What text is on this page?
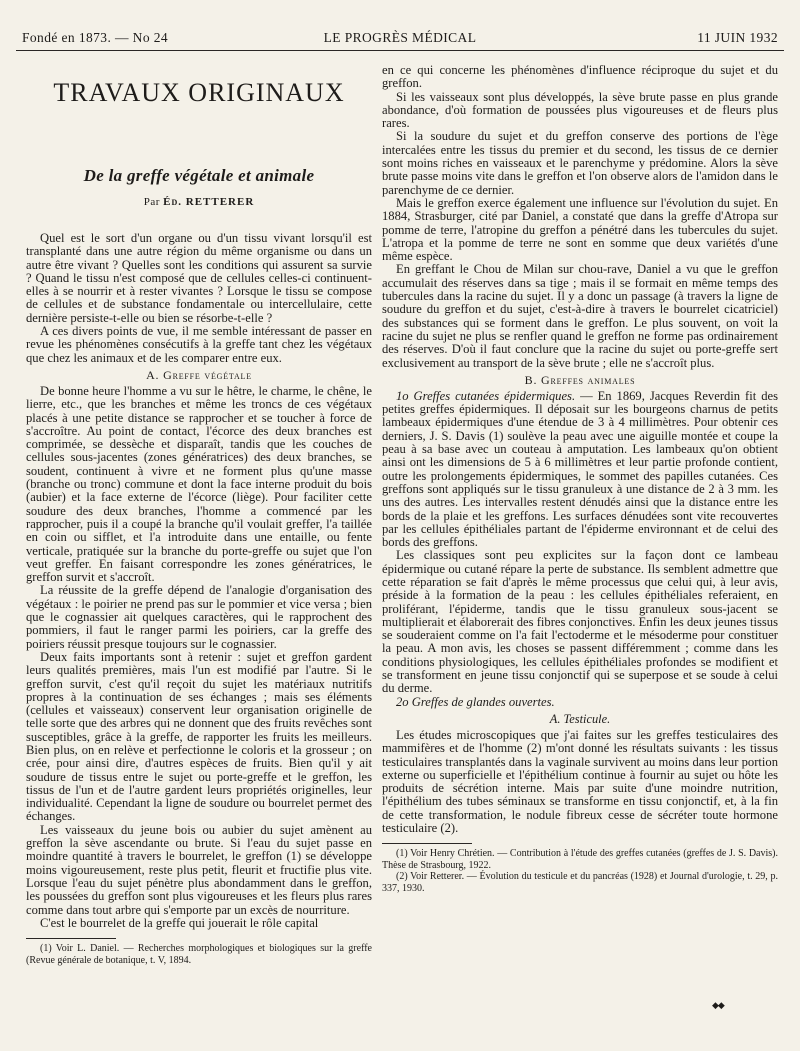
Fondé en 1873. — No 24	LE PROGRÈS MÉDICAL	11 JUIN 1932
TRAVAUX ORIGINAUX
De la greffe végétale et animale
Par Éd. RETTERER

Quel est le sort d'un organe ou d'un tissu vivant lorsqu'il est transplanté dans une autre région du même organisme ou dans un autre être vivant ? Quelles sont les conditions qui assurent sa survie ? Quand le tissu n'est composé que de cellules celles-ci continuent-elles à se nourrir et à rester vivantes ? Lorsque le tissu se compose de cellules et de substance fondamentale ou intercellulaire, cette dernière persiste-t-elle ou bien se résorbe-t-elle ?

A ces divers points de vue, il me semble intéressant de passer en revue les phénomènes consécutifs à la greffe tant chez les végétaux que chez les animaux et de les comparer entre eux.

A. Greffe végétale

De bonne heure l'homme a vu sur le hêtre, le charme, le chêne, le lierre, etc., que les branches et même les troncs de ces végétaux placés à une petite distance se rapprocher et se toucher à force de s'accroître. Au point de contact, l'écorce des deux branches est comprimée, se dessèche et disparaît, tandis que les couches de cellules sous-jacentes (zones génératrices) des deux branches, se soudent, continuent à vivre et ne forment plus qu'une masse (branche ou tronc) commune et dont la face interne produit du bois (aubier) et la face externe de l'écorce (liège). Pour faciliter cette soudure des deux branches, l'homme a commencé par les rapprocher, puis il a coupé la branche qu'il voulait greffer, l'a taillée en coin ou sifflet, et l'a introduite dans une entaille, ou fente verticale, pratiquée sur la branche du porte-greffe ou sujet que l'on veut greffer. En faisant correspondre les zones génératrices, le greffon survit et s'accroît.

La réussite de la greffe dépend de l'analogie d'organisation des végétaux : le poirier ne prend pas sur le pommier et vice versa ; bien que le cognassier ait quelques caractères, qui le rapprochent des pommiers, il faut le ranger parmi les poiriers, car la greffe des poiriers réussit presque toujours sur le cognassier.

Deux faits importants sont à retenir : sujet et greffon gardent leurs qualités premières, mais l'un est modifié par l'autre. Si le greffon survit, c'est qu'il reçoit du sujet les matériaux nutritifs propres à la continuation de ses échanges ; mais ses éléments (cellules et vaisseaux) conservent leur organisation originelle de telle sorte que des arbres qui ne donnent que des fruits revêches sont susceptibles, grâce à la greffe, de rapporter les fruits les meilleurs. Bien plus, on en relève et perfectionne le coloris et la grosseur ; on crée, pour ainsi dire, d'autres espèces de fruits. Bien qu'il y ait soudure de tissus entre le sujet ou porte-greffe et le greffon, les tissus de l'un et de l'autre gardent leurs propriétés originelles, leur individualité. Cependant la ligne de soudure ou bourrelet permet des échanges.

Les vaisseaux du jeune bois ou aubier du sujet amènent au greffon la sève ascendante ou brute. Si l'eau du sujet passe en moindre quantité à travers le bourrelet, le greffon (1) se développe moins vigoureusement, reste plus petit, fleurit et fructifie plus vite. Lorsque l'eau du sujet pénètre plus abondamment dans le greffon, les poussées du greffon sont plus vigoureuses et les fleurs plus rares comme dans tout arbre qui s'emporte par un excès de nourriture.

C'est le bourrelet de la greffe qui jouerait le rôle capital

(1) Voir L. Daniel. — Recherches morphologiques et biologiques sur la greffe (Revue générale de botanique, t. V, 1894.

en ce qui concerne les phénomènes d'influence réciproque du sujet et du greffon.

Si les vaisseaux sont plus développés, la sève brute passe en plus grande abondance, d'où formation de poussées plus vigoureuses et de fleurs plus rares.

Si la soudure du sujet et du greffon conserve des portions de l'ège intercalées entre les tissus du premier et du second, les tissus de ce dernier sont moins riches en vaisseaux et le parenchyme y prédomine. Alors la sève brute passe moins vite dans le greffon et l'on observe alors de l'amidon dans le parenchyme de ce dernier.

Mais le greffon exerce également une influence sur l'évolution du sujet. En 1884, Strasburger, cité par Daniel, a constaté que dans la greffe d'Atropa sur pomme de terre, l'atropine du greffon a pénétré dans les tubercules du sujet. L'atropa et la pomme de terre ne sont en somme que deux variétés d'une même espèce.

En greffant le Chou de Milan sur chou-rave, Daniel a vu que le greffon accumulait des réserves dans sa tige ; mais il se formait en même temps des tubercules dans la racine du sujet. Il y a donc un passage (à travers la ligne de soudure du greffon et du sujet, c'est-à-dire à travers le bourrelet cicatriciel) des substances qui se forment dans le greffon. Le plus souvent, on voit la racine du sujet ne plus se renfler quand le greffon ne forme pas ordinairement des réserves. D'où il faut conclure que la racine du sujet ou porte-greffe sert exclusivement au transport de la sève brute ; elle ne s'accroît plus.

B. Greffes animales

1o Greffes cutanées épidermiques. — En 1869, Jacques Reverdin fit des petites greffes épidermiques. Il déposait sur les bourgeons charnus de petits lambeaux épidermiques d'une étendue de 3 à 4 millimètres. Pour obtenir ces derniers, J. S. Davis (1) soulève la peau avec une aiguille montée et coupe la peau à sa base avec un couteau à amputation. Les lambeaux qu'on obtient ainsi ont les dimensions de 5 à 6 millimètres et leur partie profonde contient, outre les prolongements épidermiques, le sommet des papilles cutanées. Ces greffons sont appliqués sur le tissu granuleux à une distance de 2 à 3 mm. les uns des autres. Les intervalles restent dénudés ainsi que la distance entre les bords de la plaie et les greffons. Les surfaces dénudées sont vite recouvertes par les cellules épithéliales partant de l'épiderme environnant et de celui des bords des greffons.

Les classiques sont peu explicites sur la façon dont ce lambeau épidermique ou cutané répare la perte de substance. Ils semblent admettre que cette réparation se fait d'après le même processus que celui qui, à leur avis, préside à la formation de la peau : les cellules épithéliales referaient, en proliférant, l'épiderme, tandis que le tissu granuleux sous-jacent se multiplierait et élaborerait des fibres conjonctives. Enfin les deux jeunes tissus se souderaient comme on l'a fait l'ectoderme et le mésoderme pour constituer la peau. A mon avis, les choses se passent différemment ; comme dans les conditions physiologiques, les cellules épithéliales profondes se modifient et se transforment en jeune tissu conjonctif qui se superpose et se soude à celui du derme.

2o Greffes de glandes ouvertes.

A. Testicule.

Les études microscopiques que j'ai faites sur les greffes testiculaires des mammifères et de l'homme (2) m'ont donné les résultats suivants : les tissus testiculaires transplantés dans la vaginale survivent au moins dans leur portion externe ou superficielle et l'épithélium continue à fournir au sujet ou hôte les produits de sécrétion interne. Mais par suite d'une moindre nutrition, l'épithélium des tubes séminaux se transforme en tissu conjonctif, et, à la fin de cette transformation, le nodule fibreux cesse de sécréter toute hormone testiculaire (2).

(1) Voir Henry Chrétien. — Contribution à l'étude des greffes cutanées (greffes de J. S. Davis). Thèse de Strasbourg, 1922.

(2) Voir Retterer. — Évolution du testicule et du pancréas (1928) et Journal d'urologie, t. 29, p. 337, 1930.

◆◆
